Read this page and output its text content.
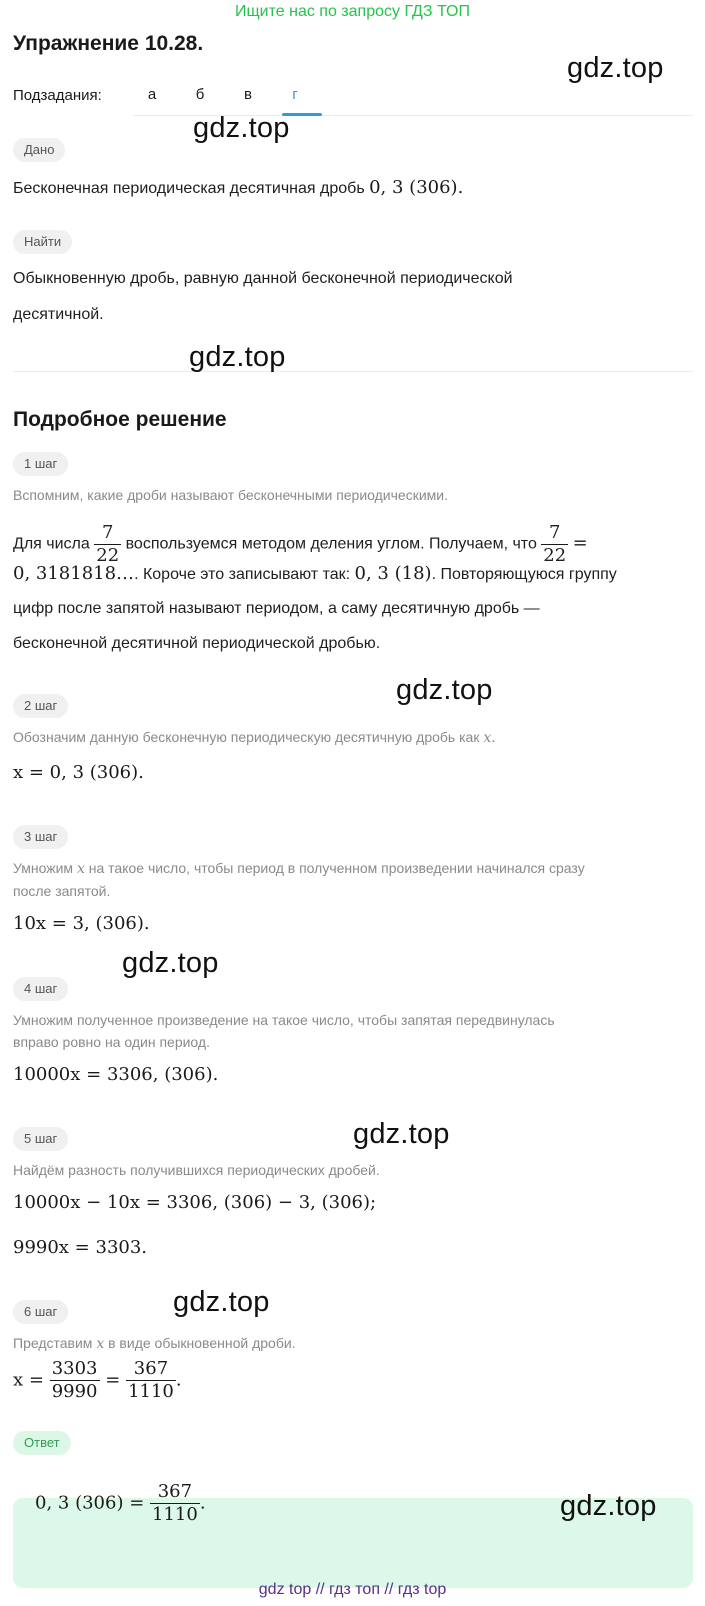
Ищите нас по запросу ГДЗ ТОП
Упражнение 10.28.
gdz.top
Подзадания:	а	б	в	г
gdz.top
Дано
Бесконечная периодическая десятичная дробь 0, 3 (306).
Найти
Обыкновенную дробь, равную данной бесконечной периодической
десятичной.
gdz.top
Подробное решение
1 шаг
Вспомним, какие дроби называют бесконечными периодическими.
Для числа $\frac{7}{22}$ воспользуемся методом деления углом. Получаем, что $\frac{7}{22}$ =
0, 3181818…. Короче это записывают так: 0, 3 (18). Повторяющуюся группу
цифр после запятой называют периодом, а саму десятичную дробь —
бесконечной десятичной периодической дробью.
gdz.top
2 шаг
Обозначим данную бесконечную периодическую десятичную дробь как x.
x = 0, 3 (306).
3 шаг
Умножим x на такое число, чтобы период в полученном произведении начинался сразу
после запятой.
10x = 3, (306).
gdz.top
4 шаг
Умножим полученное произведение на такое число, чтобы запятая передвинулась
вправо ровно на один период.
10000x = 3306, (306).
gdz.top
5 шаг
Найдём разность получившихся периодических дробей.
10000x − 10x = 3306, (306) − 3, (306);
9990x = 3303.
gdz.top
6 шаг
Представим x в виде обыкновенной дроби.
$x = \frac{3303}{9990} = \frac{367}{1110}$ .
Ответ
0, 3 $(306) = \frac{367}{1110}$ .	gdz.top
gdz top // гдз топ // гдз top
